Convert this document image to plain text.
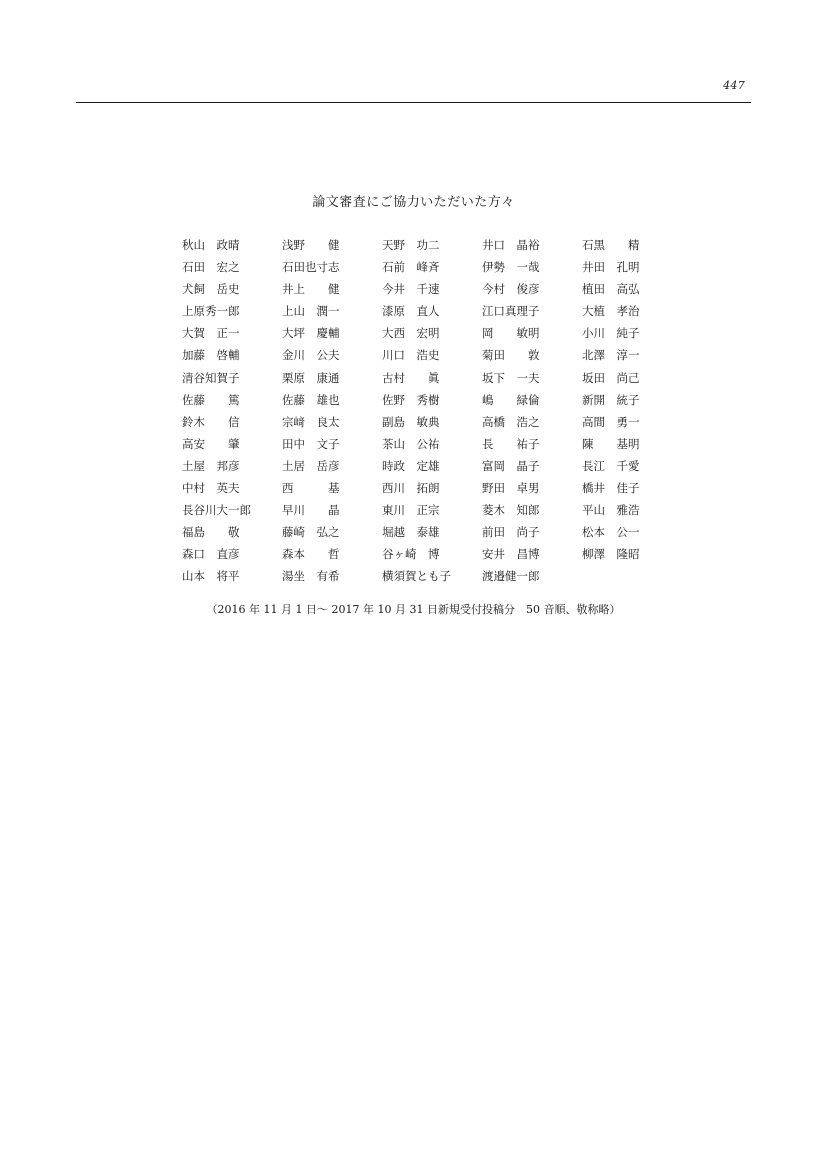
447
論文審査にご協力いただいた方々
秋山　政晴	浅野　　健	天野　功二	井口　晶裕	石黒　　精
石田　宏之	石田也寸志	石前　峰斉	伊勢　一哉	井田　孔明
犬飼　岳史	井上　　健	今井　千速	今村　俊彦	植田　高弘
上原秀一郎	上山　潤一	漆原　直人	江口真理子	大植　孝治
大賀　正一	大坪　慶輔	大西　宏明	岡　　敏明	小川　純子
加藤　啓輔	金川　公夫	川口　浩史	菊田　　敦	北澤　淳一
清谷知賀子	栗原　康通	古村　　眞	坂下　一夫	坂田　尚己
佐藤　　篤	佐藤　雄也	佐野　秀樹	嶋　　緑倫	新開　統子
鈴木　　信	宗﨑　良太	副島　敏典	高橋　浩之	高間　勇一
高安　　肇	田中　文子	茶山　公祐	長　　祐子	陳　　基明
土屋　邦彦	土居　岳彦	時政　定雄	富岡　晶子	長江　千愛
中村　英夫	西　　　基	西川　拓朗	野田　卓男	橋井　佳子
長谷川大一郎	早川　　晶	東川　正宗	菱木　知郎	平山　雅浩
福島　　敬	藤崎　弘之	堀越　泰雄	前田　尚子	松本　公一
森口　直彦	森本　　哲	谷ヶ崎　博	安井　昌博	柳澤　隆昭
山本　将平	湯坐　有希	横須賀とも子	渡邉健一郎
（2016 年 11 月 1 日～ 2017 年 10 月 31 日新規受付投稿分　50 音順、敬称略）
